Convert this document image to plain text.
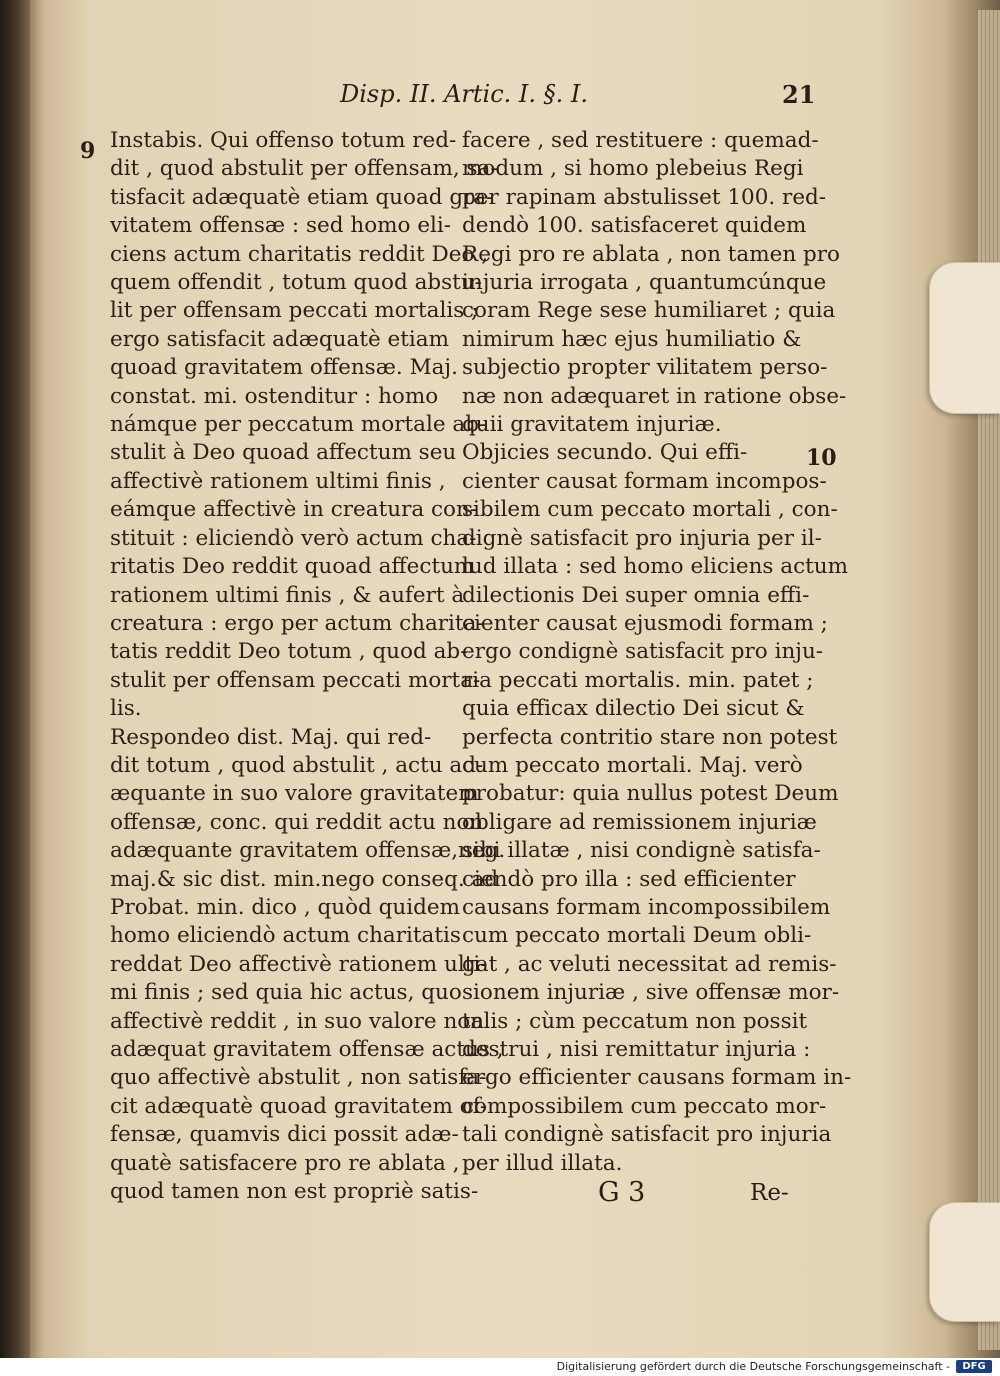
Disp. II. Artic. I. §. I.	21
9
10
Instabis. Qui offenso totum red-
dit , quod abstulit per offensam, sa-
tisfacit adæquatè etiam quoad gra-
vitatem offensæ : sed homo eli-
ciens actum charitatis reddit Deo ,
quem offendit , totum quod abstu-
lit per offensam peccati mortalis ;
ergo satisfacit adæquatè etiam
quoad gravitatem offensæ. Maj.
constat. mi. ostenditur : homo
námque per peccatum mortale ab-
stulit à Deo quoad affectum seu
affectivè rationem ultimi finis ,
eámque affectivè in creatura con-
stituit : eliciendò verò actum cha-
ritatis Deo reddit quoad affectum
rationem ultimi finis , & aufert à
creatura : ergo per actum charita-
tatis reddit Deo totum , quod ab-
stulit per offensam peccati morta-
lis.
Respondeo dist. Maj. qui red-
dit totum , quod abstulit , actu ad-
æquante in suo valore gravitatem
offensæ, conc. qui reddit actu non
adæquante gravitatem offensæ,neg.
maj.& sic dist. min.nego conseq. ad
Probat. min. dico , quòd quidem
homo eliciendò actum charitatis
reddat Deo affectivè rationem ulti-
mi finis ; sed quia hic actus, quo
affectivè reddit , in suo valore non
adæquat gravitatem offensæ actus ,
quo affectivè abstulit , non satisfa-
cit adæquatè quoad gravitatem of-
fensæ, quamvis dici possit adæ-
quatè satisfacere pro re ablata ,
quod tamen non est propriè satis-
facere , sed restituere : quemad-
modum , si homo plebeius Regi
per rapinam abstulisset 100. red-
dendò 100. satisfaceret quidem
Regi pro re ablata , non tamen pro
injuria irrogata , quantumcúnque
coram Rege sese humiliaret ; quia
nimirum hæc ejus humiliatio &
subjectio propter vilitatem perso-
næ non adæquaret in ratione obse-
quii gravitatem injuriæ.
Objicies secundo. Qui effi-
cienter causat formam incompos-
sibilem cum peccato mortali , con-
dignè satisfacit pro injuria per il-
lud illata : sed homo eliciens actum
dilectionis Dei super omnia effi-
cienter causat ejusmodi formam ;
ergo condignè satisfacit pro inju-
ria peccati mortalis. min. patet ;
quia efficax dilectio Dei sicut &
perfecta contritio stare non potest
cum peccato mortali. Maj. verò
probatur: quia nullus potest Deum
obligare ad remissionem injuriæ
sibi illatæ , nisi condignè satisfa-
ciendò pro illa : sed efficienter
causans formam incompossibilem
cum peccato mortali Deum obli-
gat , ac veluti necessitat ad remis-
sionem injuriæ , sive offensæ mor-
talis ; cùm peccatum non possit
destrui , nisi remittatur injuria :
ergo efficienter causans formam in-
compossibilem cum peccato mor-
tali condignè satisfacit pro injuria
per illud illata.
G 3	Re-
Digitalisierung gefördert durch die Deutsche Forschungsgemeinschaft -	DFG
